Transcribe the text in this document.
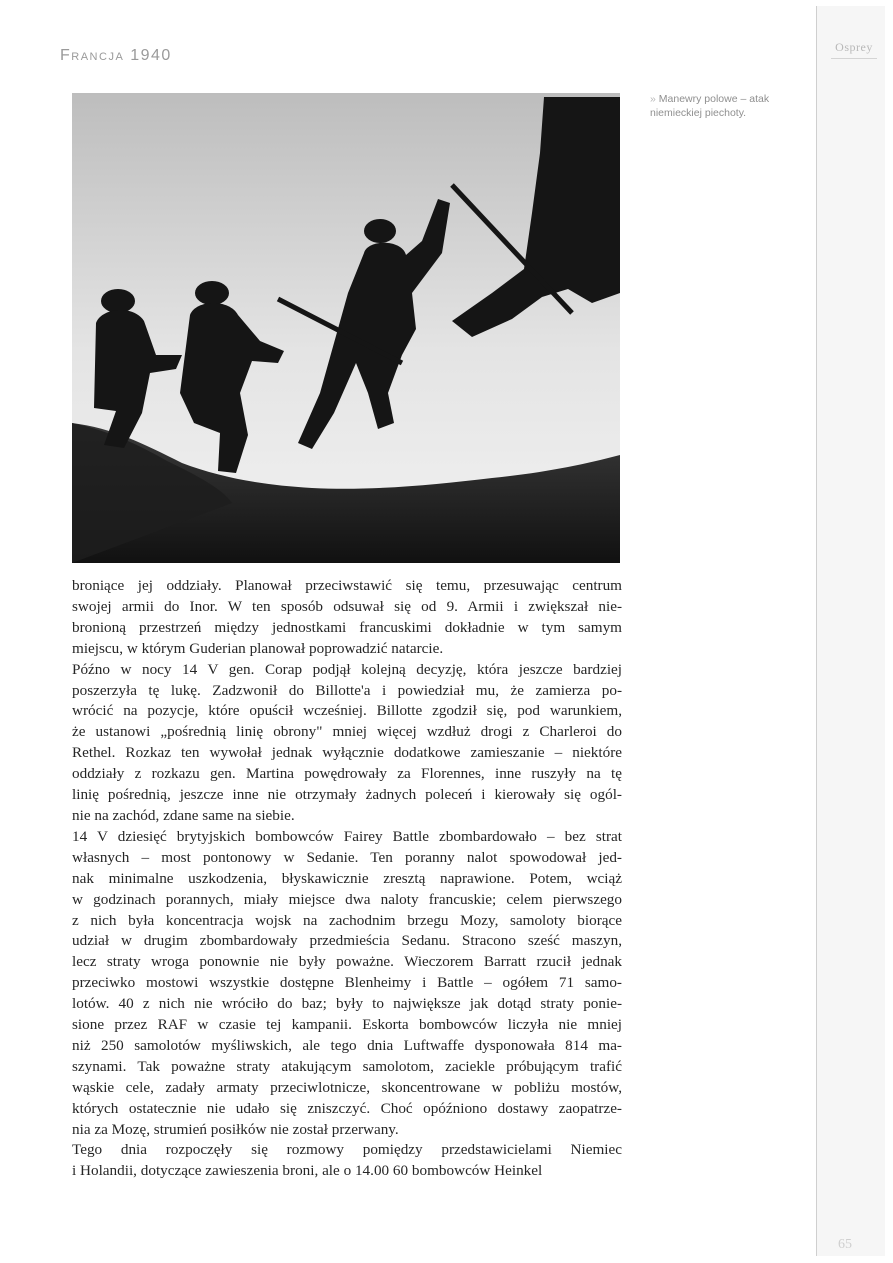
Francja 1940	Osprey
» Manewry polowe – atak niemieckiej piechoty.
broniące jej oddziały. Planował przeciwstawić się temu, przesuwając centrum
swojej armii do Inor. W ten sposób odsuwał się od 9. Armii i zwiększał nie-
bronioną przestrzeń między jednostkami francuskimi dokładnie w tym samym
miejscu, w którym Guderian planował poprowadzić natarcie.
Późno w nocy 14 V gen. Corap podjął kolejną decyzję, która jeszcze bardziej
poszerzyła tę lukę. Zadzwonił do Billotte'a i powiedział mu, że zamierza po-
wrócić na pozycje, które opuścił wcześniej. Billotte zgodził się, pod warunkiem,
że ustanowi „pośrednią linię obrony" mniej więcej wzdłuż drogi z Charleroi do
Rethel. Rozkaz ten wywołał jednak wyłącznie dodatkowe zamieszanie – niektóre
oddziały z rozkazu gen. Martina powędrowały za Florennes, inne ruszyły na tę
linię pośrednią, jeszcze inne nie otrzymały żadnych poleceń i kierowały się ogól-
nie na zachód, zdane same na siebie.
14 V dziesięć brytyjskich bombowców Fairey Battle zbombardowało – bez strat
własnych – most pontonowy w Sedanie. Ten poranny nalot spowodował jed-
nak minimalne uszkodzenia, błyskawicznie zresztą naprawione. Potem, wciąż
w godzinach porannych, miały miejsce dwa naloty francuskie; celem pierwszego
z nich była koncentracja wojsk na zachodnim brzegu Mozy, samoloty biorące
udział w drugim zbombardowały przedmieścia Sedanu. Stracono sześć maszyn,
lecz straty wroga ponownie nie były poważne. Wieczorem Barratt rzucił jednak
przeciwko mostowi wszystkie dostępne Blenheimy i Battle – ogółem 71 samo-
lotów. 40 z nich nie wróciło do baz; były to największe jak dotąd straty ponie-
sione przez RAF w czasie tej kampanii. Eskorta bombowców liczyła nie mniej
niż 250 samolotów myśliwskich, ale tego dnia Luftwaffe dysponowała 814 ma-
szynami. Tak poważne straty atakującym samolotom, zaciekle próbującym trafić
wąskie cele, zadały armaty przeciwlotnicze, skoncentrowane w pobliżu mostów,
których ostatecznie nie udało się zniszczyć. Choć opóźniono dostawy zaopatrze-
nia za Mozę, strumień posiłków nie został przerwany.
Tego dnia rozpoczęły się rozmowy pomiędzy przedstawicielami Niemiec
i Holandii, dotyczące zawieszenia broni, ale o 14.00 60 bombowców Heinkel
65
